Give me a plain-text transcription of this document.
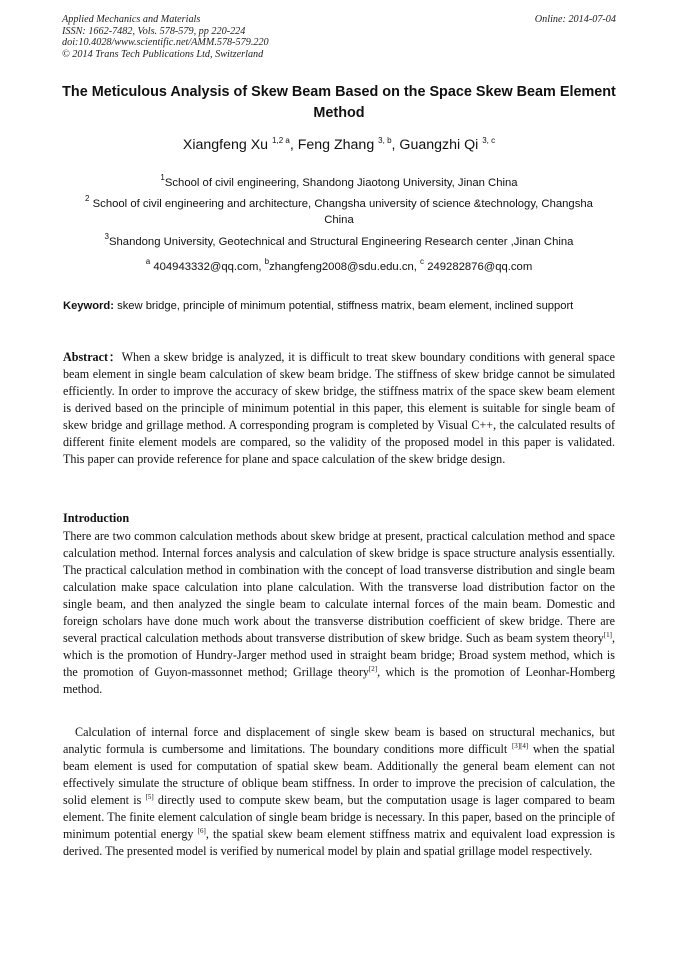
Applied Mechanics and Materials
ISSN: 1662-7482, Vols. 578-579, pp 220-224
doi:10.4028/www.scientific.net/AMM.578-579.220
© 2014 Trans Tech Publications Ltd, Switzerland
Online: 2014-07-04
The Meticulous Analysis of Skew Beam Based on the Space Skew Beam Element Method
Xiangfeng Xu $^{1,2 a}$, Feng Zhang $^{3, b}$, Guangzhi Qi $^{3, c}$
$^1$School of civil engineering, Shandong Jiaotong University, Jinan China
$^2$ School of civil engineering and architecture, Changsha university of science &technology, Changsha China
$^3$Shandong University, Geotechnical and Structural Engineering Research center ,Jinan China
$^a$ 404943332@qq.com, $^b$zhangfeng2008@sdu.edu.cn, $^c$ 249282876@qq.com
Keyword: skew bridge, principle of minimum potential, stiffness matrix, beam element, inclined support
Abstract：When a skew bridge is analyzed, it is difficult to treat skew boundary conditions with general space beam element in single beam calculation of skew beam bridge. The stiffness of skew bridge cannot be simulated efficiently. In order to improve the accuracy of skew bridge, the stiffness matrix of the space skew beam element is derived based on the principle of minimum potential in this paper, this element is suitable for single beam of skew bridge and grillage method. A corresponding program is completed by Visual C++, the calculated results of different finite element models are compared, so the validity of the proposed model in this paper is validated. This paper can provide reference for plane and space calculation of the skew bridge design.
Introduction
There are two common calculation methods about skew bridge at present, practical calculation method and space calculation method. Internal forces analysis and calculation of skew bridge is space structure analysis essentially. The practical calculation method in combination with the concept of load transverse distribution and single beam calculation make space calculation into plane calculation. With the transverse load distribution factor on the single beam, and then analyzed the single beam to calculate internal forces of the main beam. Domestic and foreign scholars have done much work about the transverse distribution coefficient of skew bridge. There are several practical calculation methods about transverse distribution of skew bridge. Such as beam system theory[1], which is the promotion of Hundry-Jarger method used in straight beam bridge; Broad system method, which is the promotion of Guyon-massonnet method; Grillage theory[2], which is the promotion of Leonhar-Homberg method.
Calculation of internal force and displacement of single skew beam is based on structural mechanics, but analytic formula is cumbersome and limitations. The boundary conditions more difficult [3][4] when the spatial beam element is used for computation of spatial skew beam. Additionally the general beam element can not effectively simulate the structure of oblique beam stiffness. In order to improve the precision of calculation, the solid element is [5] directly used to compute skew beam, but the computation usage is lager compared to beam element. The finite element calculation of single beam bridge is necessary. In this paper, based on the principle of minimum potential energy [6], the spatial skew beam element stiffness matrix and equivalent load expression is derived. The presented model is verified by numerical model by plain and spatial grillage model respectively.
